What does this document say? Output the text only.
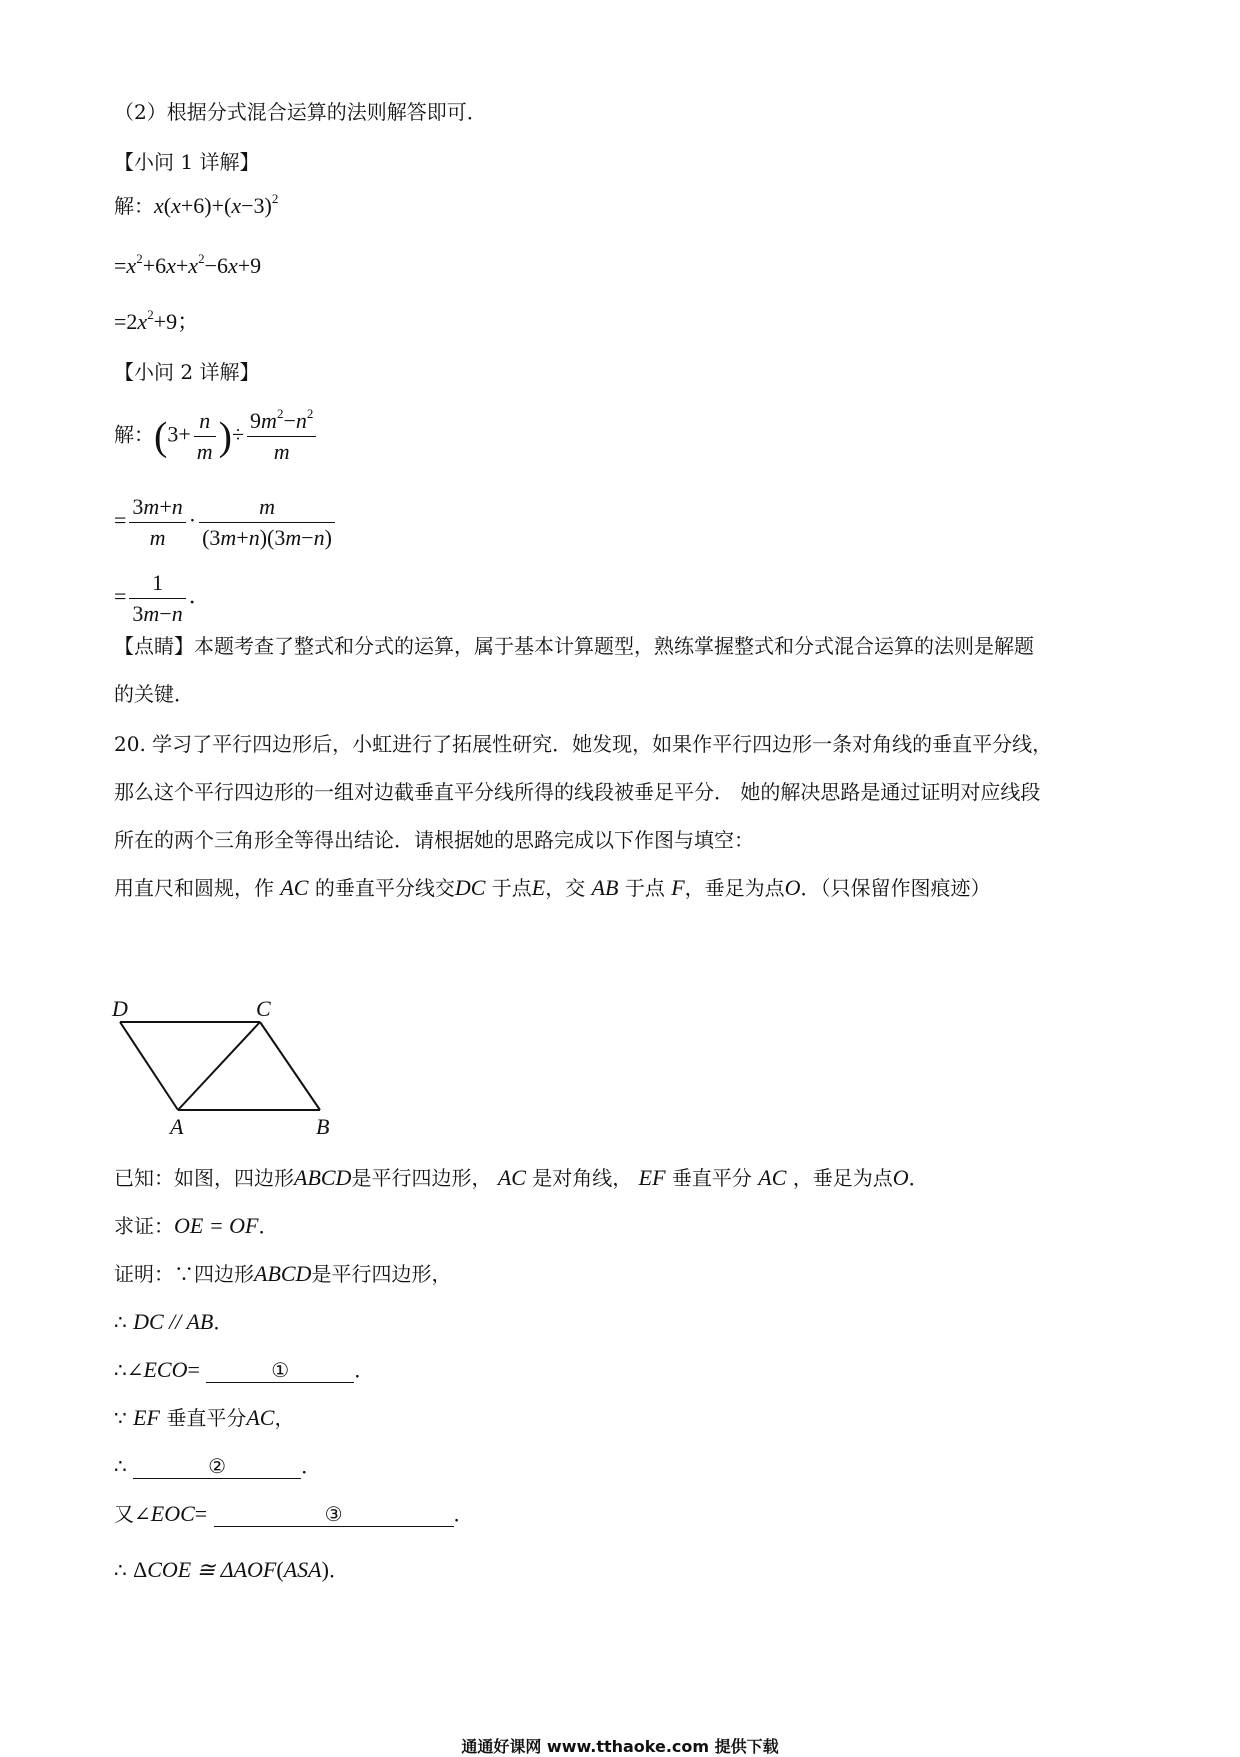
（2）根据分式混合运算的法则解答即可．
【小问 1 详解】
解：$x(x+6)+(x-3)^2$
$=x^2+6x+x^2-6x+9$
$=2x^2+9$；
【小问 2 详解】
解：($3+ \frac{n}{m}$ )÷ $\frac{9m^2-n^2}{m}$
= $\frac{3m+n}{m} \cdot \frac{m}{(3m+n)(3m-n)}$
= $\frac{1}{3m-n}$ ．
【点睛】本题考查了整式和分式的运算，属于基本计算题型，熟练掌握整式和分式混合运算的法则是解题
的关键．
20. 学习了平行四边形后，小虹进行了拓展性研究．她发现，如果作平行四边形一条对角线的垂直平分线，
那么这个平行四边形的一组对边截垂直平分线所得的线段被垂足平分． 她的解决思路是通过证明对应线段
所在的两个三角形全等得出结论．请根据她的思路完成以下作图与填空：
用直尺和圆规，作 AC 的垂直平分线交DC 于点E，交 AB 于点 F，垂足为点O．（只保留作图痕迹）
D	C
A	B
已知：如图，四边形ABCD是平行四边形， AC 是对角线， EF 垂直平分 AC ，垂足为点O．
求证：OE = OF．
证明：∵四边形ABCD是平行四边形，
∴ DC // AB．
∴∠ECO=	①	．
∵ EF 垂直平分AC，
∴	②	．
又∠EOC=	③	．
∴ ΔCOE ≅ ΔAOF(ASA)．
通通好课网 www.tthaoke.com 提供下载
